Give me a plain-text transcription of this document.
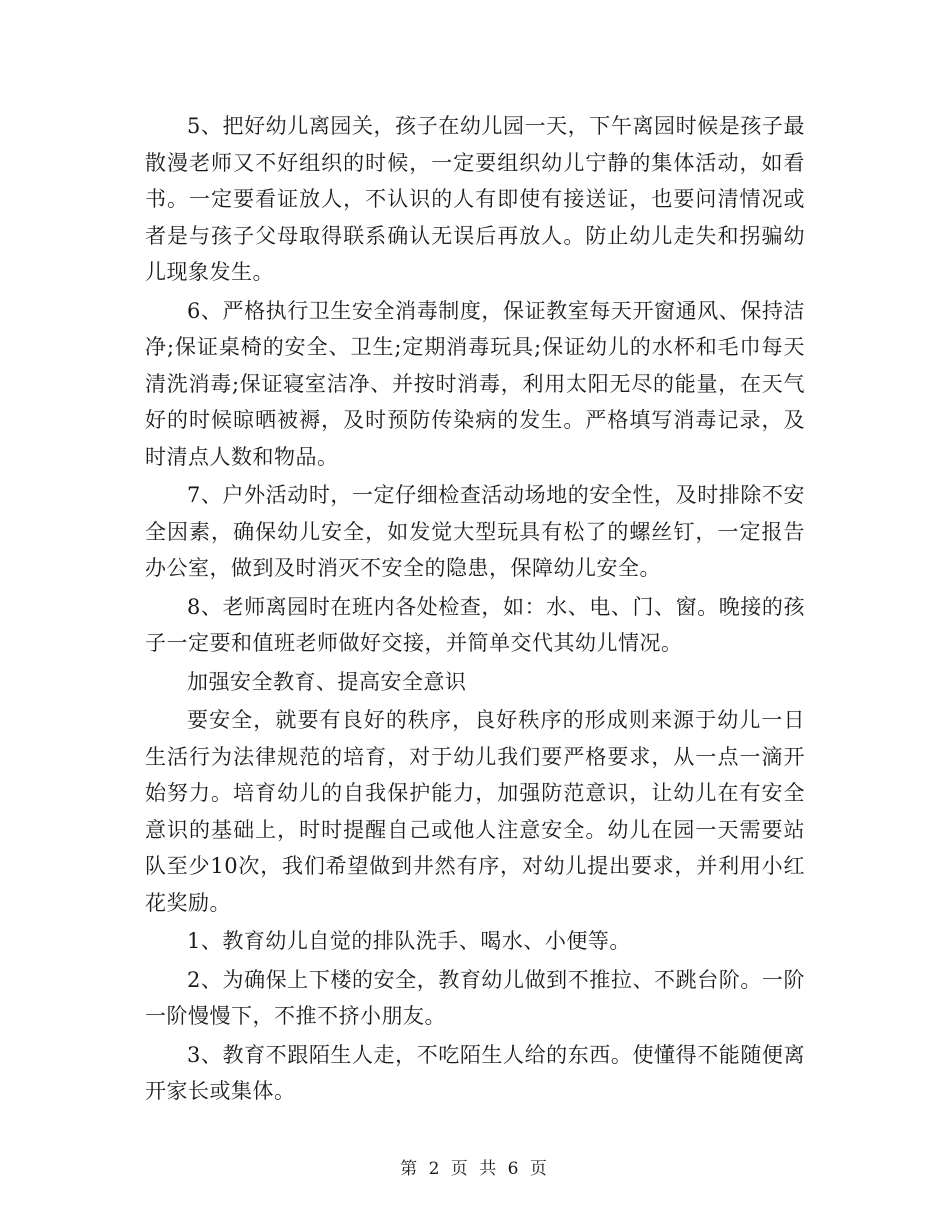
5、把好幼儿离园关，孩子在幼儿园一天，下午离园时候是孩子最散漫老师又不好组织的时候，一定要组织幼儿宁静的集体活动，如看书。一定要看证放人，不认识的人有即使有接送证，也要问清情况或者是与孩子父母取得联系确认无误后再放人。防止幼儿走失和拐骗幼儿现象发生。

6、严格执行卫生安全消毒制度，保证教室每天开窗通风、保持洁净;保证桌椅的安全、卫生;定期消毒玩具;保证幼儿的水杯和毛巾每天清洗消毒;保证寝室洁净、并按时消毒，利用太阳无尽的能量，在天气好的时候晾晒被褥，及时预防传染病的发生。严格填写消毒记录，及时清点人数和物品。

7、户外活动时，一定仔细检查活动场地的安全性，及时排除不安全因素，确保幼儿安全，如发觉大型玩具有松了的螺丝钉，一定报告办公室，做到及时消灭不安全的隐患，保障幼儿安全。

8、老师离园时在班内各处检查，如：水、电、门、窗。晚接的孩子一定要和值班老师做好交接，并简单交代其幼儿情况。

加强安全教育、提高安全意识

要安全，就要有良好的秩序，良好秩序的形成则来源于幼儿一日生活行为法律规范的培育，对于幼儿我们要严格要求，从一点一滴开始努力。培育幼儿的自我保护能力，加强防范意识，让幼儿在有安全意识的基础上，时时提醒自己或他人注意安全。幼儿在园一天需要站队至少10次，我们希望做到井然有序，对幼儿提出要求，并利用小红花奖励。

1、教育幼儿自觉的排队洗手、喝水、小便等。

2、为确保上下楼的安全，教育幼儿做到不推拉、不跳台阶。一阶一阶慢慢下，不推不挤小朋友。

3、教育不跟陌生人走，不吃陌生人给的东西。使懂得不能随便离开家长或集体。

第 2 页 共 6 页
